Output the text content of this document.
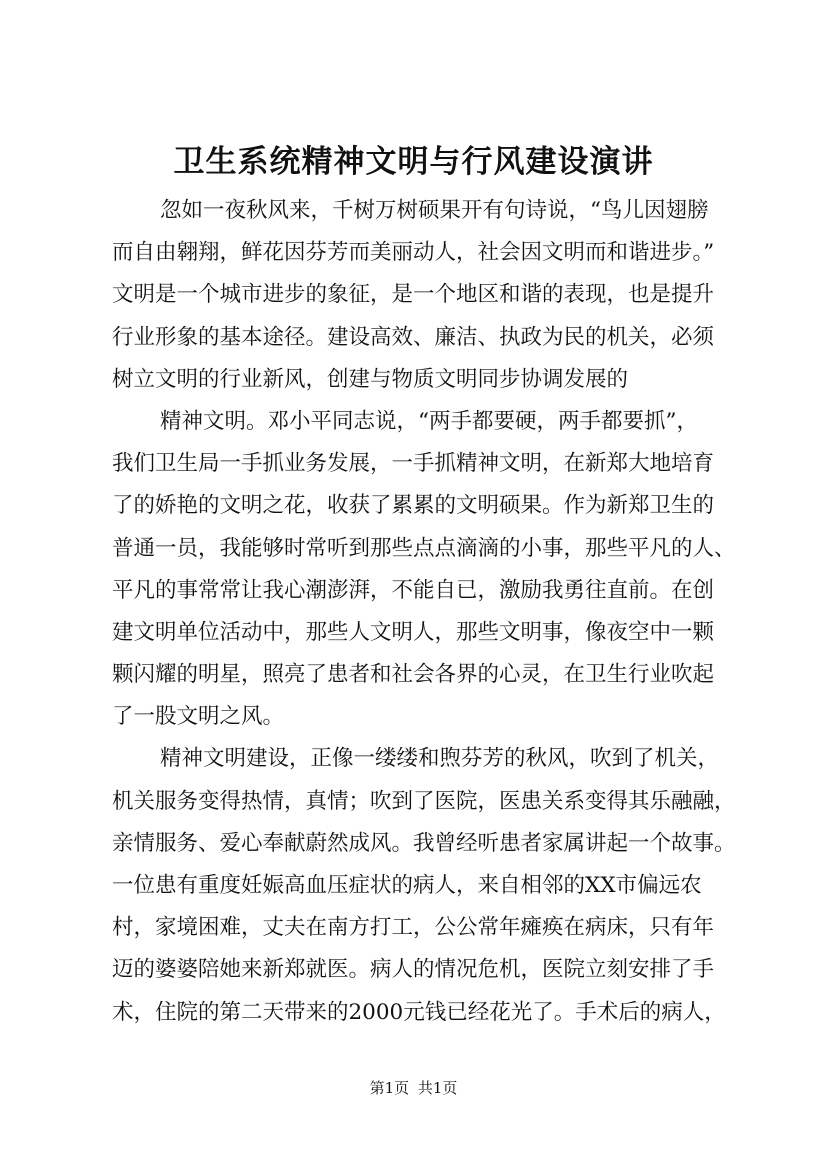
卫生系统精神文明与行风建设演讲
忽如一夜秋风来，千树万树硕果开有句诗说，“鸟儿因翅膀
而自由翱翔，鲜花因芬芳而美丽动人，社会因文明而和谐进步。”
文明是一个城市进步的象征，是一个地区和谐的表现，也是提升
行业形象的基本途径。建设高效、廉洁、执政为民的机关，必须
树立文明的行业新风，创建与物质文明同步协调发展的
精神文明。邓小平同志说，“两手都要硬，两手都要抓”，
我们卫生局一手抓业务发展，一手抓精神文明，在新郑大地培育
了的娇艳的文明之花，收获了累累的文明硕果。作为新郑卫生的
普通一员，我能够时常听到那些点点滴滴的小事，那些平凡的人、
平凡的事常常让我心潮澎湃，不能自已，激励我勇往直前。在创
建文明单位活动中，那些人文明人，那些文明事，像夜空中一颗
颗闪耀的明星，照亮了患者和社会各界的心灵，在卫生行业吹起
了一股文明之风。
精神文明建设，正像一缕缕和煦芬芳的秋风，吹到了机关，
机关服务变得热情，真情；吹到了医院，医患关系变得其乐融融，
亲情服务、爱心奉献蔚然成风。我曾经听患者家属讲起一个故事。
一位患有重度妊娠高血压症状的病人，来自相邻的XX市偏远农
村，家境困难，丈夫在南方打工，公公常年瘫痪在病床，只有年
迈的婆婆陪她来新郑就医。病人的情况危机，医院立刻安排了手
术，住院的第二天带来的2000元钱已经花光了。手术后的病人，
第1页 共1页
